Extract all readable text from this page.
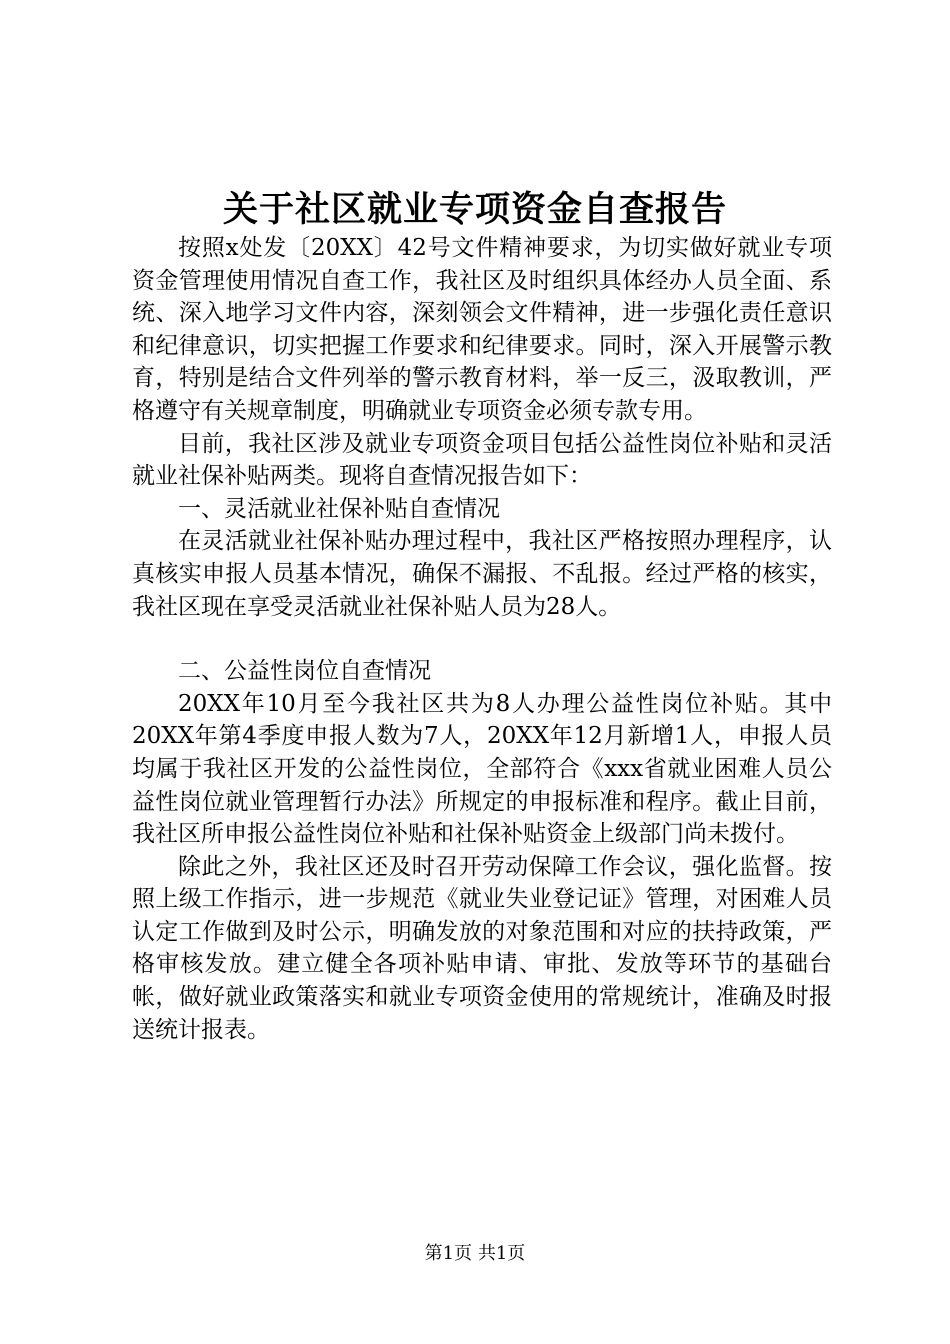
关于社区就业专项资金自查报告

按照x处发〔20XX〕42号文件精神要求，为切实做好就业专项资金管理使用情况自查工作，我社区及时组织具体经办人员全面、系统、深入地学习文件内容，深刻领会文件精神，进一步强化责任意识和纪律意识，切实把握工作要求和纪律要求。同时，深入开展警示教育，特别是结合文件列举的警示教育材料，举一反三，汲取教训，严格遵守有关规章制度，明确就业专项资金必须专款专用。

目前，我社区涉及就业专项资金项目包括公益性岗位补贴和灵活就业社保补贴两类。现将自查情况报告如下：

一、灵活就业社保补贴自查情况

在灵活就业社保补贴办理过程中，我社区严格按照办理程序，认真核实申报人员基本情况，确保不漏报、不乱报。经过严格的核实，我社区现在享受灵活就业社保补贴人员为28人。

二、公益性岗位自查情况

20XX年10月至今我社区共为8人办理公益性岗位补贴。其中20XX年第4季度申报人数为7人，20XX年12月新增1人，申报人员均属于我社区开发的公益性岗位，全部符合《xxx省就业困难人员公益性岗位就业管理暂行办法》所规定的申报标准和程序。截止目前，我社区所申报公益性岗位补贴和社保补贴资金上级部门尚未拨付。

除此之外，我社区还及时召开劳动保障工作会议，强化监督。按照上级工作指示，进一步规范《就业失业登记证》管理，对困难人员认定工作做到及时公示，明确发放的对象范围和对应的扶持政策，严格审核发放。建立健全各项补贴申请、审批、发放等环节的基础台帐，做好就业政策落实和就业专项资金使用的常规统计，准确及时报送统计报表。

第1页 共1页
